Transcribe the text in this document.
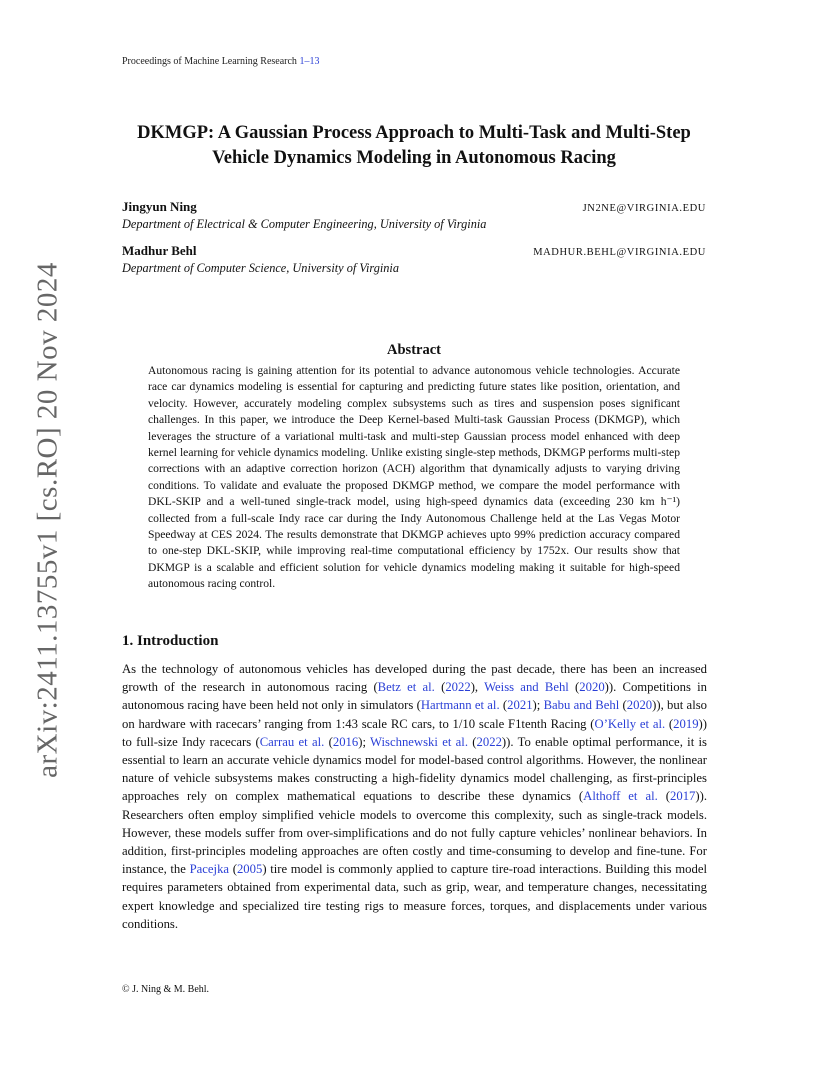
Proceedings of Machine Learning Research 1–13
arXiv:2411.13755v1 [cs.RO] 20 Nov 2024
DKMGP: A Gaussian Process Approach to Multi-Task and Multi-Step
Vehicle Dynamics Modeling in Autonomous Racing
Jingyun Ning	JN2NE@VIRGINIA.EDU
Department of Electrical & Computer Engineering, University of Virginia
Madhur Behl	MADHUR.BEHL@VIRGINIA.EDU
Department of Computer Science, University of Virginia
Abstract
Autonomous racing is gaining attention for its potential to advance autonomous vehicle technologies. Accurate race car dynamics modeling is essential for capturing and predicting future states like position, orientation, and velocity. However, accurately modeling complex subsystems such as tires and suspension poses significant challenges. In this paper, we introduce the Deep Kernel-based Multi-task Gaussian Process (DKMGP), which leverages the structure of a variational multi-task and multi-step Gaussian process model enhanced with deep kernel learning for vehicle dynamics modeling. Unlike existing single-step methods, DKMGP performs multi-step corrections with an adaptive correction horizon (ACH) algorithm that dynamically adjusts to varying driving conditions. To validate and evaluate the proposed DKMGP method, we compare the model performance with DKL-SKIP and a well-tuned single-track model, using high-speed dynamics data (exceeding 230 km h⁻¹) collected from a full-scale Indy race car during the Indy Autonomous Challenge held at the Las Vegas Motor Speedway at CES 2024. The results demonstrate that DKMGP achieves upto 99% prediction accuracy compared to one-step DKL-SKIP, while improving real-time computational efficiency by 1752x. Our results show that DKMGP is a scalable and efficient solution for vehicle dynamics modeling making it suitable for high-speed autonomous racing control.
1. Introduction
As the technology of autonomous vehicles has developed during the past decade, there has been an increased growth of the research in autonomous racing (Betz et al. (2022), Weiss and Behl (2020)). Competitions in autonomous racing have been held not only in simulators (Hartmann et al. (2021); Babu and Behl (2020)), but also on hardware with racecars’ ranging from 1:43 scale RC cars, to 1/10 scale F1tenth Racing (O’Kelly et al. (2019)) to full-size Indy racecars (Carrau et al. (2016); Wischnewski et al. (2022)). To enable optimal performance, it is essential to learn an accurate vehicle dynamics model for model-based control algorithms. However, the nonlinear nature of vehicle subsystems makes constructing a high-fidelity dynamics model challenging, as first-principles approaches rely on complex mathematical equations to describe these dynamics (Althoff et al. (2017)). Researchers often employ simplified vehicle models to overcome this complexity, such as single-track models. However, these models suffer from over-simplifications and do not fully capture vehicles’ nonlinear behaviors. In addition, first-principles modeling approaches are often costly and time-consuming to develop and fine-tune. For instance, the Pacejka (2005) tire model is commonly applied to capture tire-road interactions. Building this model requires parameters obtained from experimental data, such as grip, wear, and temperature changes, necessitating expert knowledge and specialized tire testing rigs to measure forces, torques, and displacements under various conditions.
© J. Ning & M. Behl.
